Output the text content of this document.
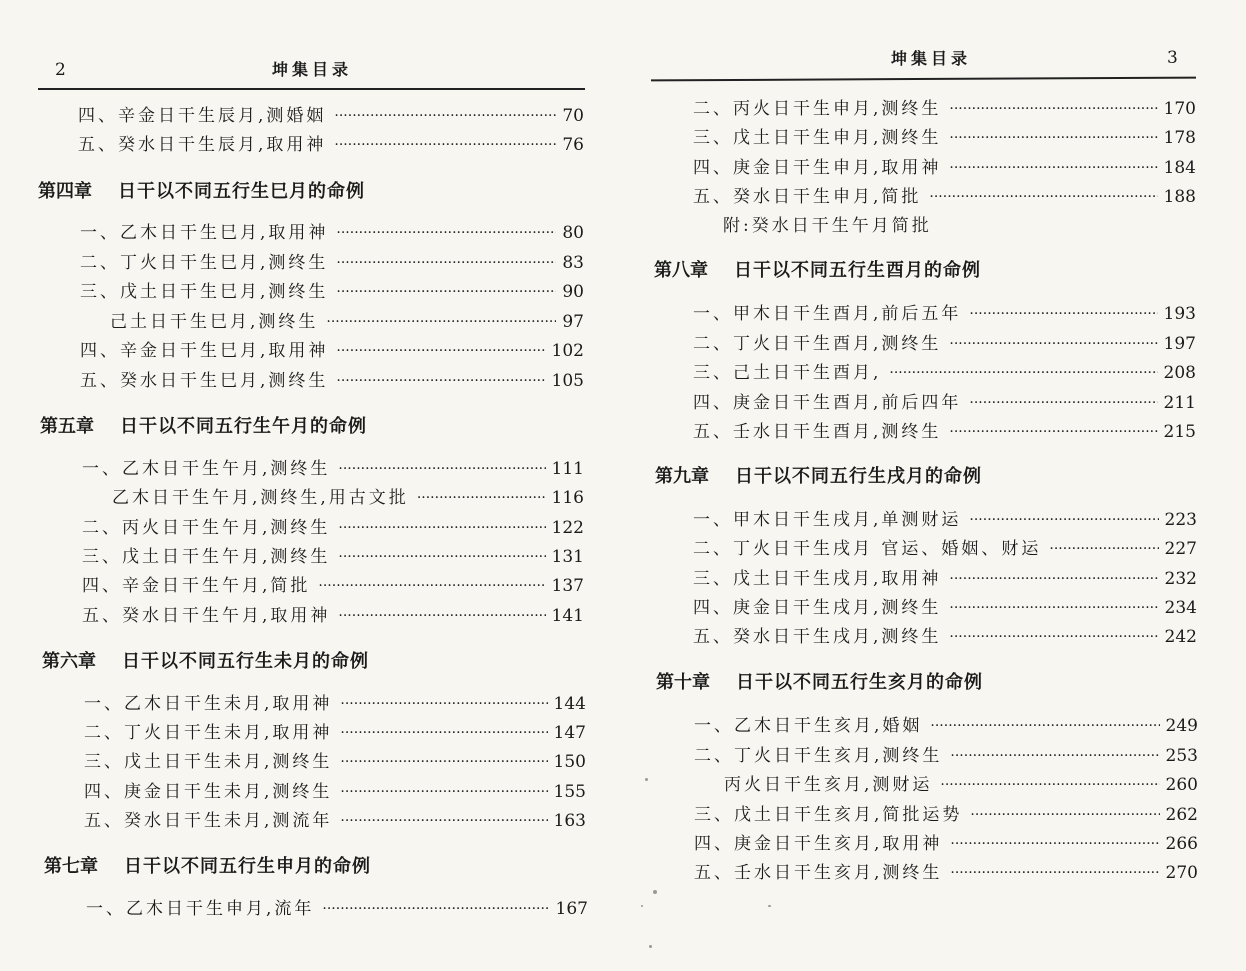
2	坤集目录
四、辛金日干生辰月,测婚姻 ·····	70
五、癸水日干生辰月,取用神 ·····	76
第四章 日干以不同五行生巳月的命例
一、乙木日干生巳月,取用神 ·····	80
二、丁火日干生巳月,测终生 ·····	83
三、戊土日干生巳月,测终生 ·····	90
己土日干生巳月,测终生 ·····	97
四、辛金日干生巳月,取用神 ·····	102
五、癸水日干生巳月,测终生 ·····	105
第五章 日干以不同五行生午月的命例
一、乙木日干生午月,测终生 ·····	111
乙木日干生午月,测终生,用古文批 ·····	116
二、丙火日干生午月,测终生 ·····	122
三、戊土日干生午月,测终生 ·····	131
四、辛金日干生午月,简批 ·····	137
五、癸水日干生午月,取用神 ·····	141
第六章 日干以不同五行生未月的命例
一、乙木日干生未月,取用神 ·····	144
二、丁火日干生未月,取用神 ·····	147
三、戊土日干生未月,测终生 ·····	150
四、庚金日干生未月,测终生 ·····	155
五、癸水日干生未月,测流年 ·····	163
第七章 日干以不同五行生申月的命例
一、乙木日干生申月,流年 ·····	167
坤集目录	3
二、丙火日干生申月,测终生 ·····	170
三、戊土日干生申月,测终生 ·····	178
四、庚金日干生申月,取用神 ·····	184
五、癸水日干生申月,简批 ·····	188
附:癸水日干生午月简批
第八章 日干以不同五行生酉月的命例
一、甲木日干生酉月,前后五年 ·····	193
二、丁火日干生酉月,测终生 ·····	197
三、己土日干生酉月, ·····	208
四、庚金日干生酉月,前后四年 ·····	211
五、壬水日干生酉月,测终生 ·····	215
第九章 日干以不同五行生戌月的命例
一、甲木日干生戌月,单测财运 ·····	223
二、丁火日干生戌月 官运、婚姻、财运 ·····	227
三、戊土日干生戌月,取用神 ·····	232
四、庚金日干生戌月,测终生 ·····	234
五、癸水日干生戌月,测终生 ·····	242
第十章 日干以不同五行生亥月的命例
一、乙木日干生亥月,婚姻 ·····	249
二、丁火日干生亥月,测终生 ·····	253
丙火日干生亥月,测财运 ·····	260
三、戊土日干生亥月,简批运势 ·····	262
四、庚金日干生亥月,取用神 ·····	266
五、壬水日干生亥月,测终生 ·····	270
